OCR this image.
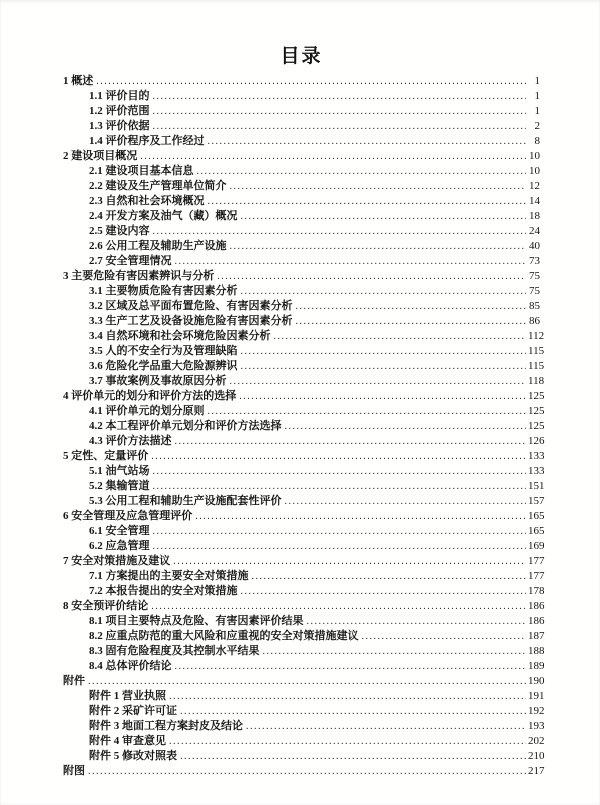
目录
1 概述 .....	1
1.1 评价目的 .....	1
1.2 评价范围 .....	1
1.3 评价依据 .....	2
1.4 评价程序及工作经过 .....	8
2 建设项目概况 .....	10
2.1 建设项目基本信息 .....	10
2.2 建设及生产管理单位简介 .....	12
2.3 自然和社会环境概况 .....	14
2.4 开发方案及油气（藏）概况 .....	18
2.5 建设内容 .....	24
2.6 公用工程及辅助生产设施 .....	40
2.7 安全管理情况 .....	73
3 主要危险有害因素辨识与分析 .....	75
3.1 主要物质危险有害因素分析 .....	75
3.2 区域及总平面布置危险、有害因素分析 .....	85
3.3 生产工艺及设备设施危险有害因素分析 .....	86
3.4 自然环境和社会环境危险因素分析 .....	112
3.5 人的不安全行为及管理缺陷 .....	115
3.6 危险化学品重大危险源辨识 .....	115
3.7 事故案例及事故原因分析 .....	118
4 评价单元的划分和评价方法的选择 .....	125
4.1 评价单元的划分原则 .....	125
4.2 本工程评价单元划分和评价方法选择 .....	125
4.3 评价方法描述 .....	126
5 定性、定量评价 .....	133
5.1 油气站场 .....	133
5.2 集输管道 .....	151
5.3 公用工程和辅助生产设施配套性评价 .....	157
6 安全管理及应急管理评价 .....	165
6.1 安全管理 .....	165
6.2 应急管理 .....	169
7 安全对策措施及建议 .....	177
7.1 方案提出的主要安全对策措施 .....	177
7.2 本报告提出的安全对策措施 .....	178
8 安全预评价结论 .....	186
8.1 项目主要特点及危险、有害因素评价结果 .....	186
8.2 应重点防范的重大风险和应重视的安全对策措施建议 .....	187
8.3 固有危险程度及其控制水平结果 .....	188
8.4 总体评价结论 .....	189
附件 .....	190
附件 1 营业执照 .....	191
附件 2 采矿许可证 .....	192
附件 3 地面工程方案封皮及结论 .....	193
附件 4 审查意见 .....	202
附件 5 修改对照表 .....	210
附图 .....	217
